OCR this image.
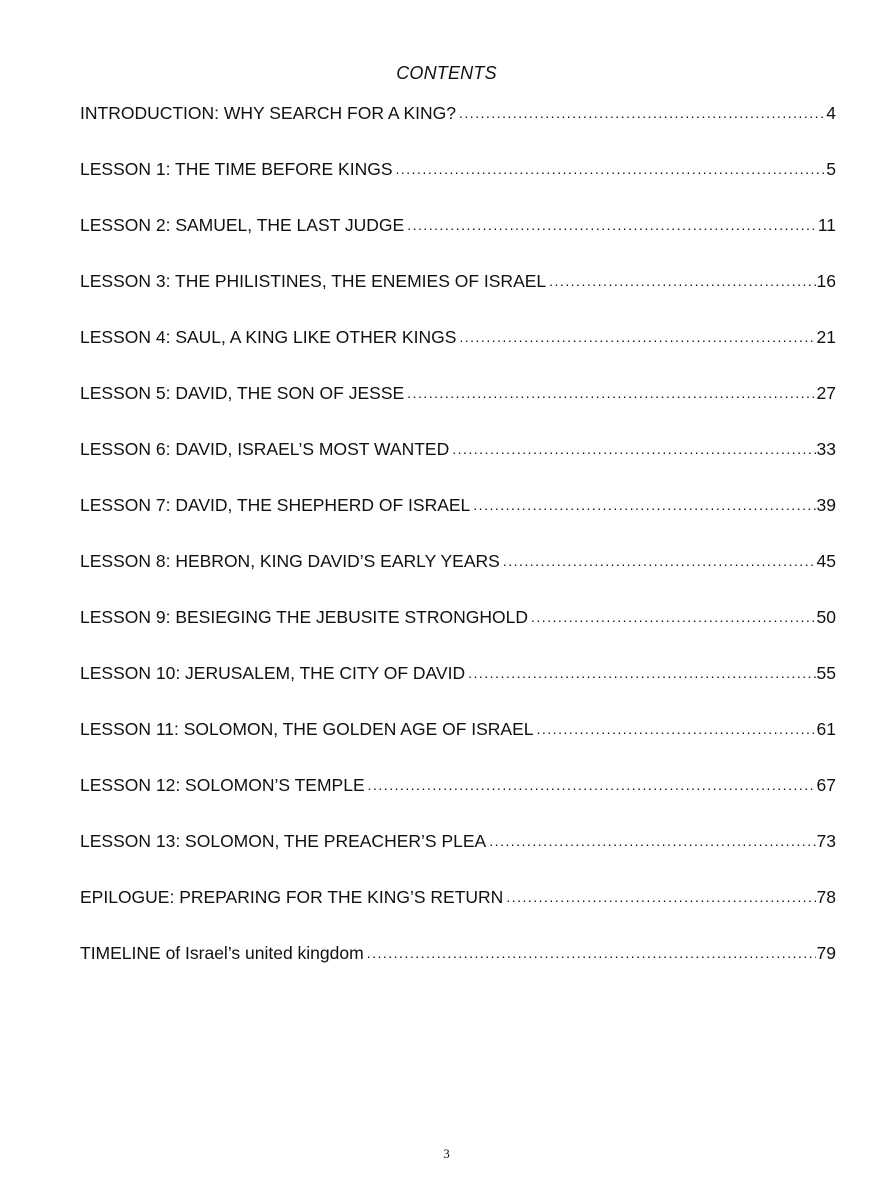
CONTENTS
INTRODUCTION: WHY SEARCH FOR A KING? .....	4
LESSON 1: THE TIME BEFORE KINGS .....	5
LESSON 2: SAMUEL, THE LAST JUDGE .....	11
LESSON 3: THE PHILISTINES, THE ENEMIES OF ISRAEL .....	16
LESSON 4: SAUL, A KING LIKE OTHER KINGS .....	21
LESSON 5: DAVID, THE SON OF JESSE .....	27
LESSON 6: DAVID, ISRAEL’S MOST WANTED .....	33
LESSON 7: DAVID, THE SHEPHERD OF ISRAEL .....	39
LESSON 8: HEBRON, KING DAVID’S EARLY YEARS .....	45
LESSON 9: BESIEGING THE JEBUSITE STRONGHOLD .....	50
LESSON 10: JERUSALEM, THE CITY OF DAVID .....	55
LESSON 11: SOLOMON, THE GOLDEN AGE OF ISRAEL .....	61
LESSON 12: SOLOMON’S TEMPLE .....	67
LESSON 13: SOLOMON, THE PREACHER’S PLEA .....	73
EPILOGUE: PREPARING FOR THE KING’S RETURN .....	78
TIMELINE of Israel’s united kingdom .....	79
3
